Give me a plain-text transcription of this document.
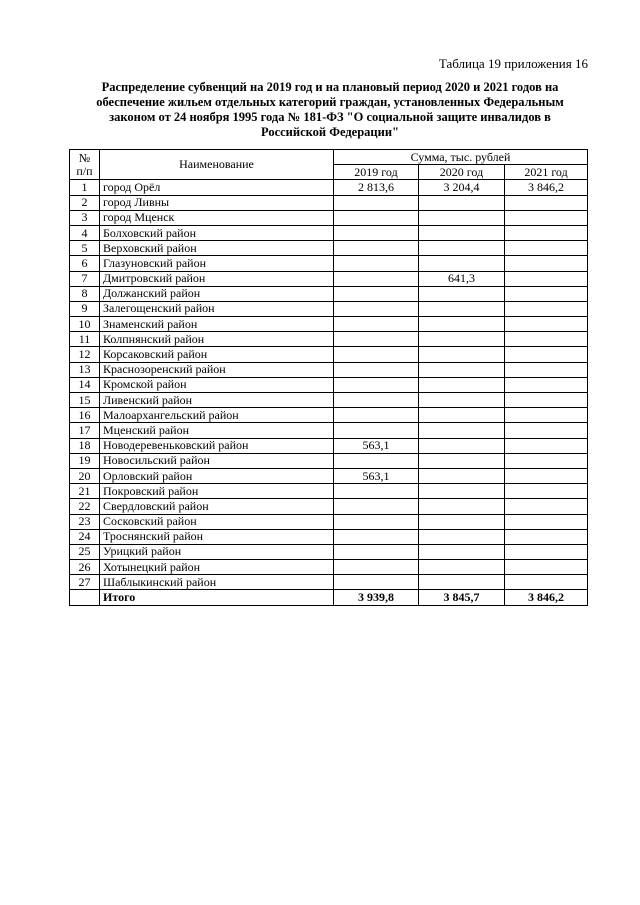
Таблица 19 приложения 16
Распределение субвенций на 2019 год и на плановый период 2020 и 2021 годов на обеспечение жильем отдельных категорий граждан, установленных Федеральным законом от 24 ноября 1995 года № 181-ФЗ "О социальной защите инвалидов в Российской Федерации"
№ п/п	Наименование	Сумма, тыс. рублей		
		2019 год	2020 год	2021 год
1	город Орёл	2 813,6	3 204,4	3 846,2
2	город Ливны			
3	город Мценск			
4	Болховский район			
5	Верховский район			
6	Глазуновский район			
7	Дмитровский район		641,3	
8	Должанский район			
9	Залегощенский район			
10	Знаменский район			
11	Колпнянский район			
12	Корсаковский район			
13	Краснозоренский район			
14	Кромской район			
15	Ливенский район			
16	Малоархангельский район			
17	Мценский район			
18	Новодеревеньковский район	563,1		
19	Новосильский район			
20	Орловский район	563,1		
21	Покровский район			
22	Свердловский район			
23	Сосковский район			
24	Троснянский район			
25	Урицкий район			
26	Хотынецкий район			
27	Шаблыкинский район			
	Итого	3 939,8	3 845,7	3 846,2
